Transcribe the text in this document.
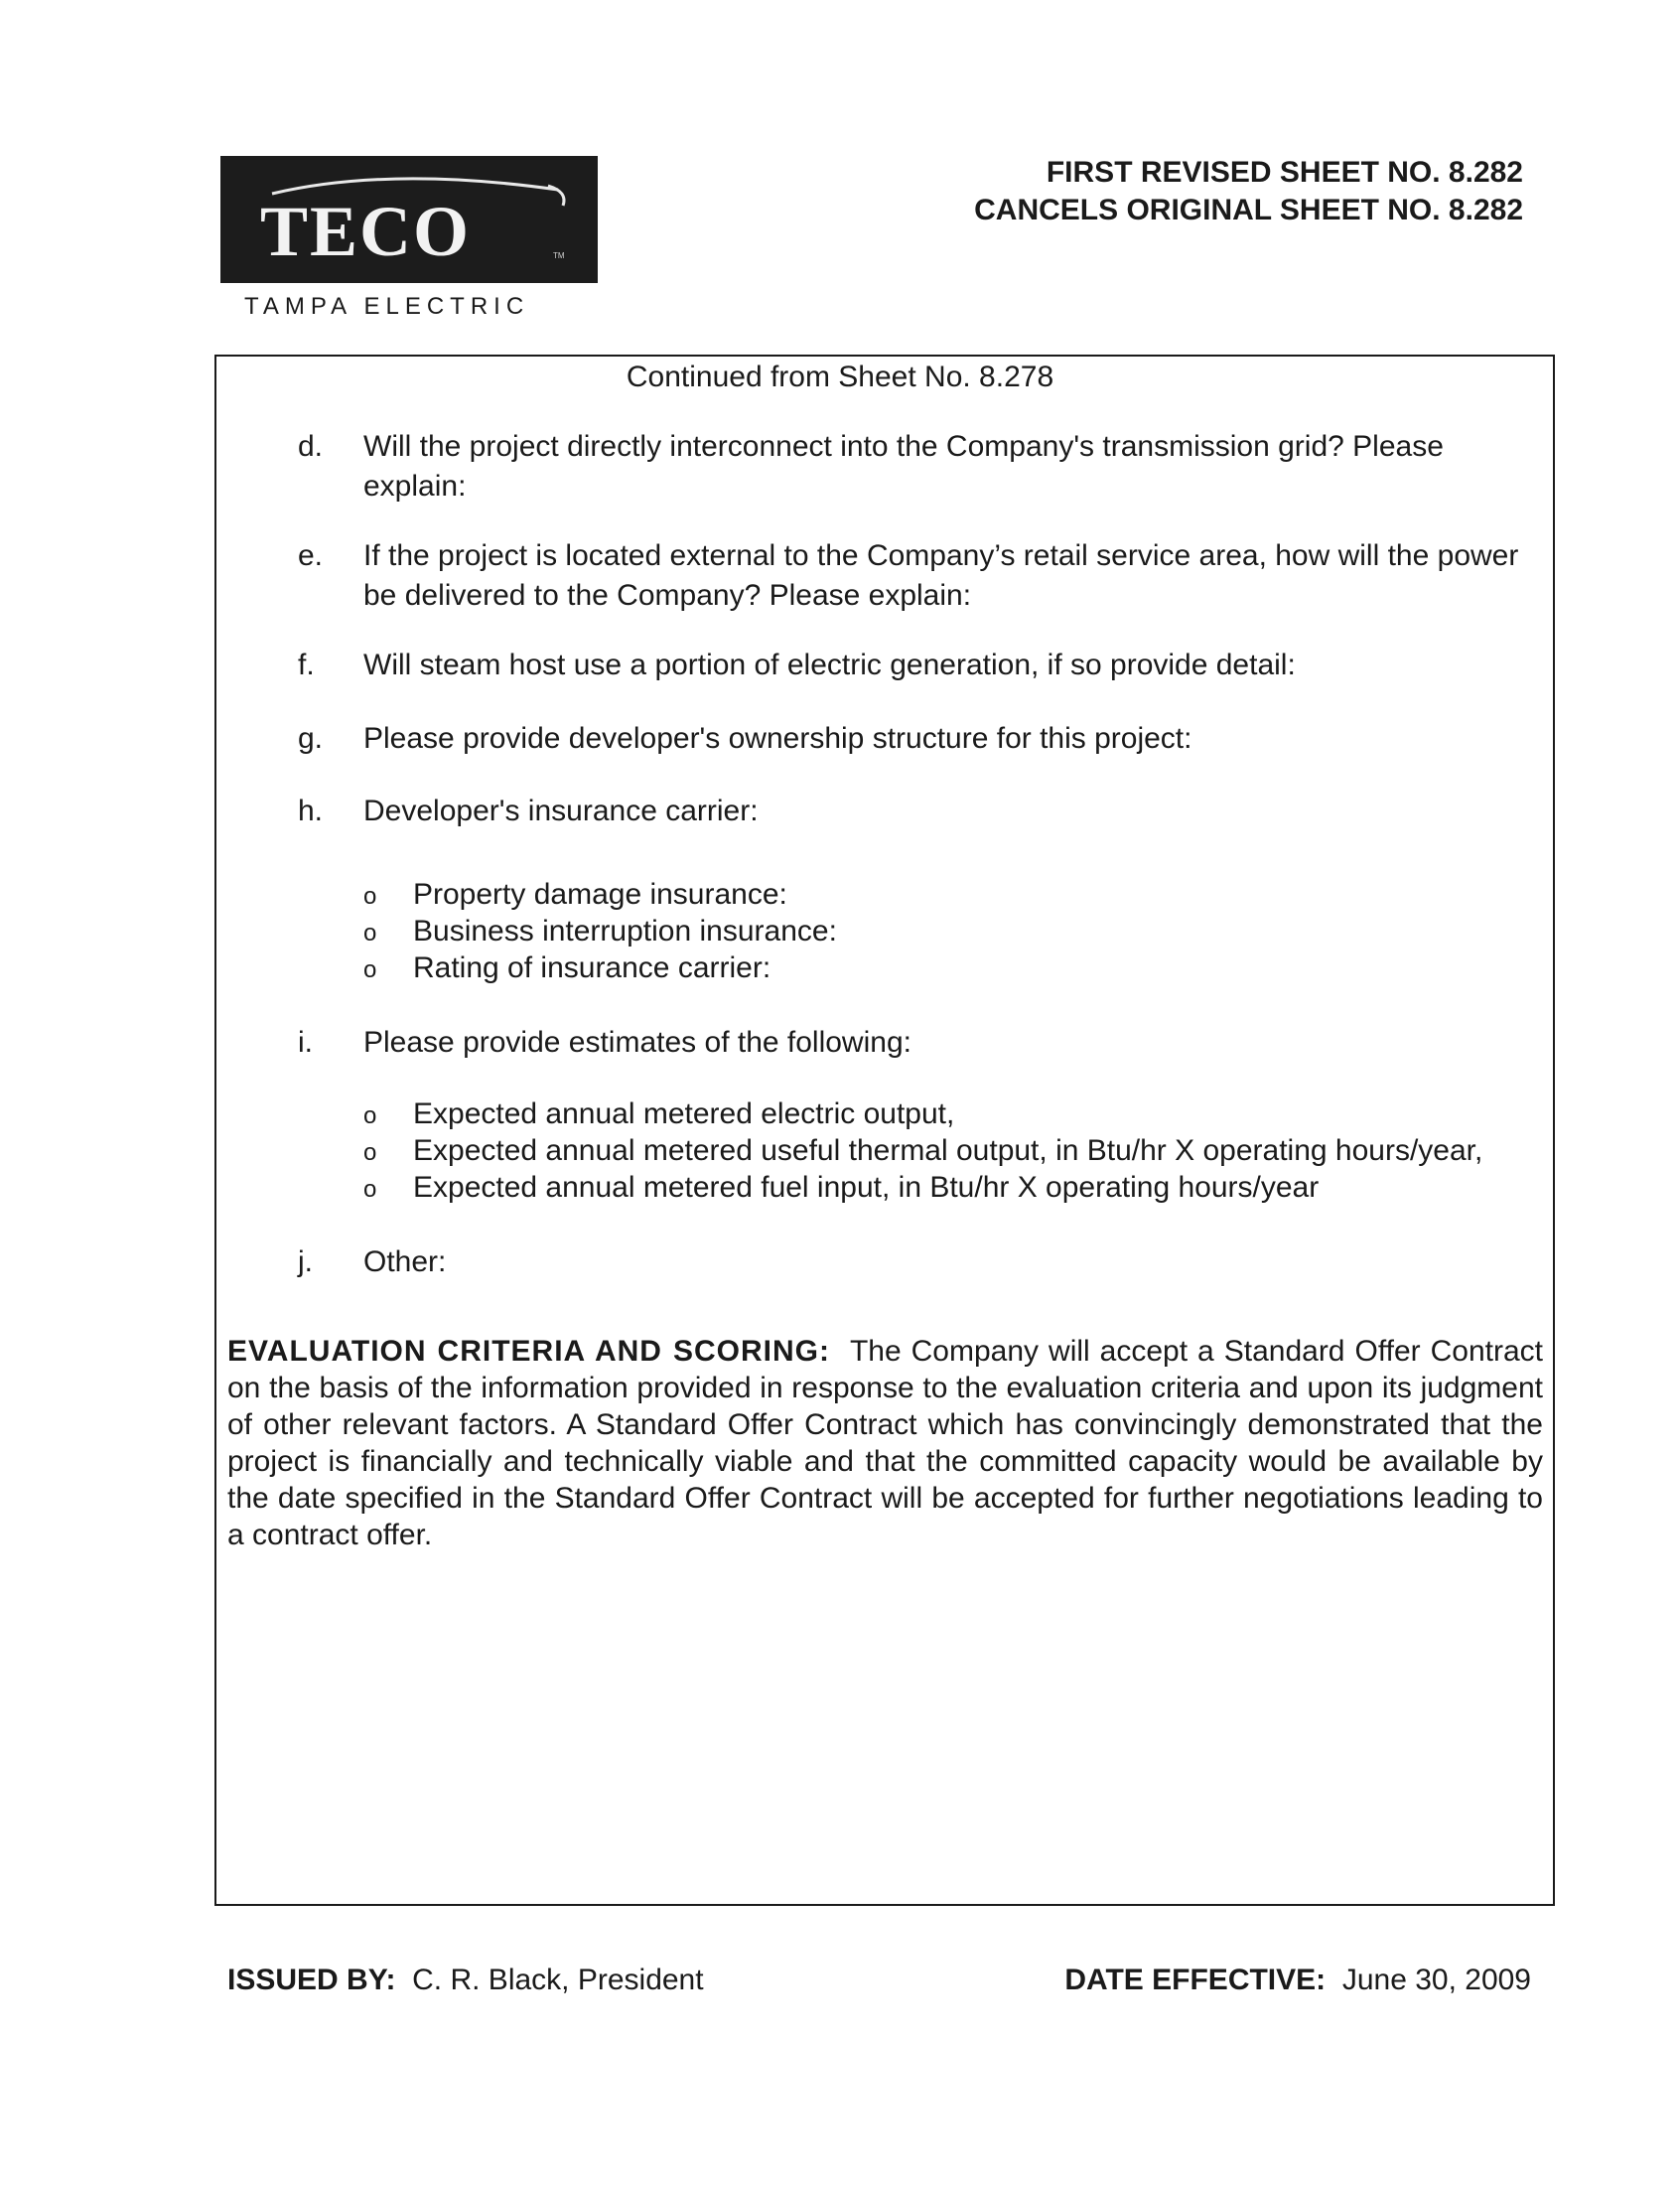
TECO	TM
TAMPA ELECTRIC
FIRST REVISED SHEET NO. 8.282
CANCELS ORIGINAL SHEET NO. 8.282
Continued from Sheet No. 8.278
d.	Will the project directly interconnect into the Company's transmission grid? Please explain:
e.	If the project is located external to the Company’s retail service area, how will the power be delivered to the Company? Please explain:
f.	Will steam host use a portion of electric generation, if so provide detail:
g.	Please provide developer's ownership structure for this project:
h.	Developer's insurance carrier:
o Property damage insurance:
o Business interruption insurance:
o Rating of insurance carrier:
i.	Please provide estimates of the following:
o Expected annual metered electric output,
o Expected annual metered useful thermal output, in Btu/hr X operating hours/year,
o Expected annual metered fuel input, in Btu/hr X operating hours/year
j.	Other:
EVALUATION CRITERIA AND SCORING: The Company will accept a Standard Offer Contract on the basis of the information provided in response to the evaluation criteria and upon its judgment of other relevant factors. A Standard Offer Contract which has convincingly demonstrated that the project is financially and technically viable and that the committed capacity would be available by the date specified in the Standard Offer Contract will be accepted for further negotiations leading to a contract offer.
ISSUED BY: C. R. Black, President	DATE EFFECTIVE: June 30, 2009
